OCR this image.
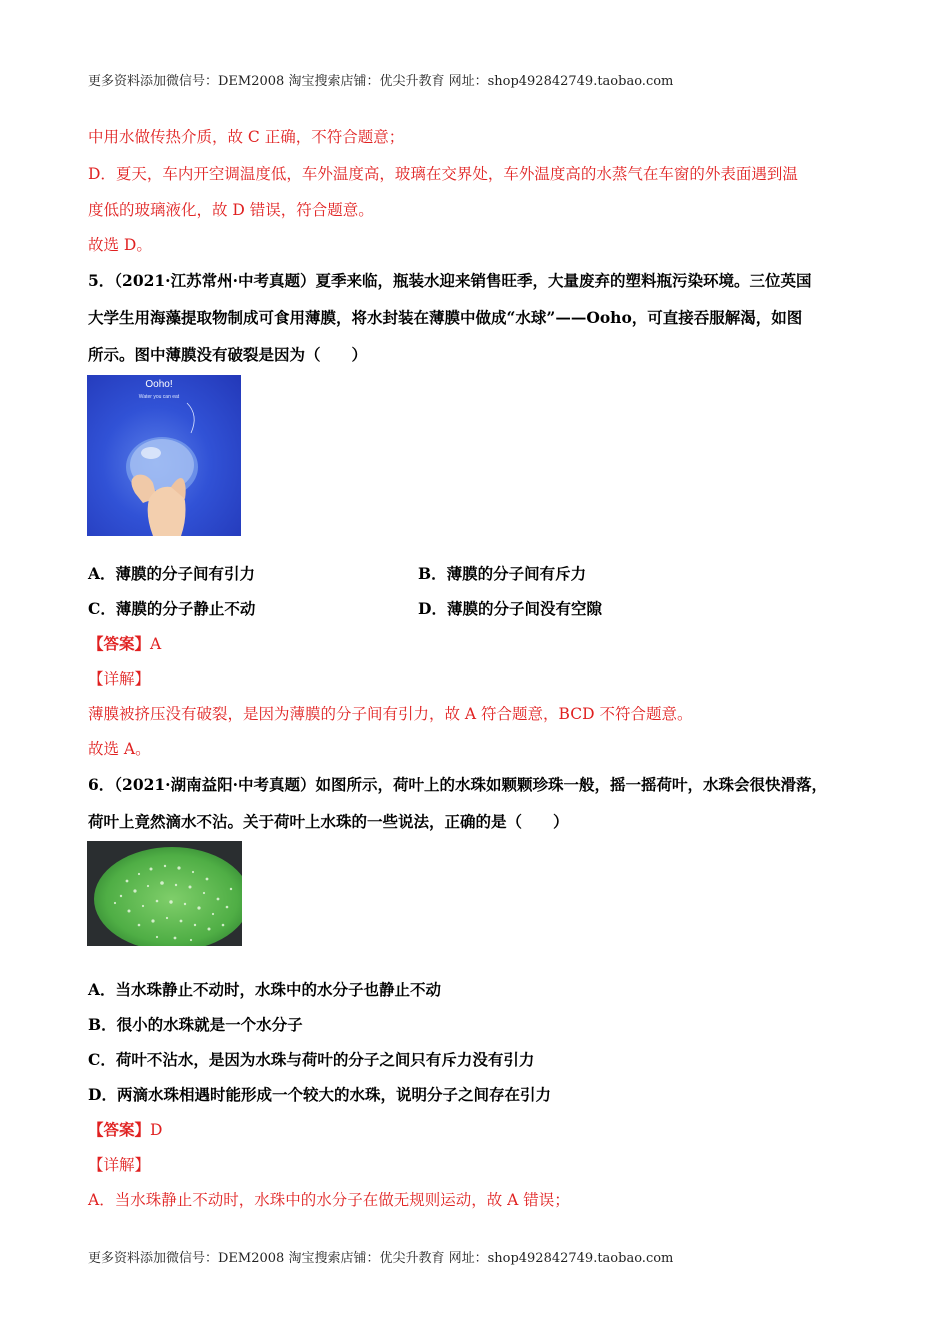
更多资料添加微信号：DEM2008 淘宝搜索店铺：优尖升教育 网址：shop492842749.taobao.com
中用水做传热介质，故 C 正确，不符合题意；
D．夏天，车内开空调温度低，车外温度高，玻璃在交界处，车外温度高的水蒸气在车窗的外表面遇到温
度低的玻璃液化，故 D 错误，符合题意。
故选 D。
5．（2021·江苏常州·中考真题）夏季来临，瓶装水迎来销售旺季，大量废弃的塑料瓶污染环境。三位英国
大学生用海藻提取物制成可食用薄膜，将水封装在薄膜中做成“水球”——Ooho，可直接吞服解渴，如图
所示。图中薄膜没有破裂是因为（　　）
Ooho!
Water you can eat
A．薄膜的分子间有引力	B．薄膜的分子间有斥力
C．薄膜的分子静止不动	D．薄膜的分子间没有空隙
【答案】A
【详解】
薄膜被挤压没有破裂，是因为薄膜的分子间有引力，故 A 符合题意，BCD 不符合题意。
故选 A。
6．（2021·湖南益阳·中考真题）如图所示，荷叶上的水珠如颗颗珍珠一般，摇一摇荷叶，水珠会很快滑落，
荷叶上竟然滴水不沾。关于荷叶上水珠的一些说法，正确的是（　　）
A．当水珠静止不动时，水珠中的水分子也静止不动
B．很小的水珠就是一个水分子
C．荷叶不沾水，是因为水珠与荷叶的分子之间只有斥力没有引力
D．两滴水珠相遇时能形成一个较大的水珠，说明分子之间存在引力
【答案】D
【详解】
A．当水珠静止不动时，水珠中的水分子在做无规则运动，故 A 错误；
更多资料添加微信号：DEM2008 淘宝搜索店铺：优尖升教育 网址：shop492842749.taobao.com
